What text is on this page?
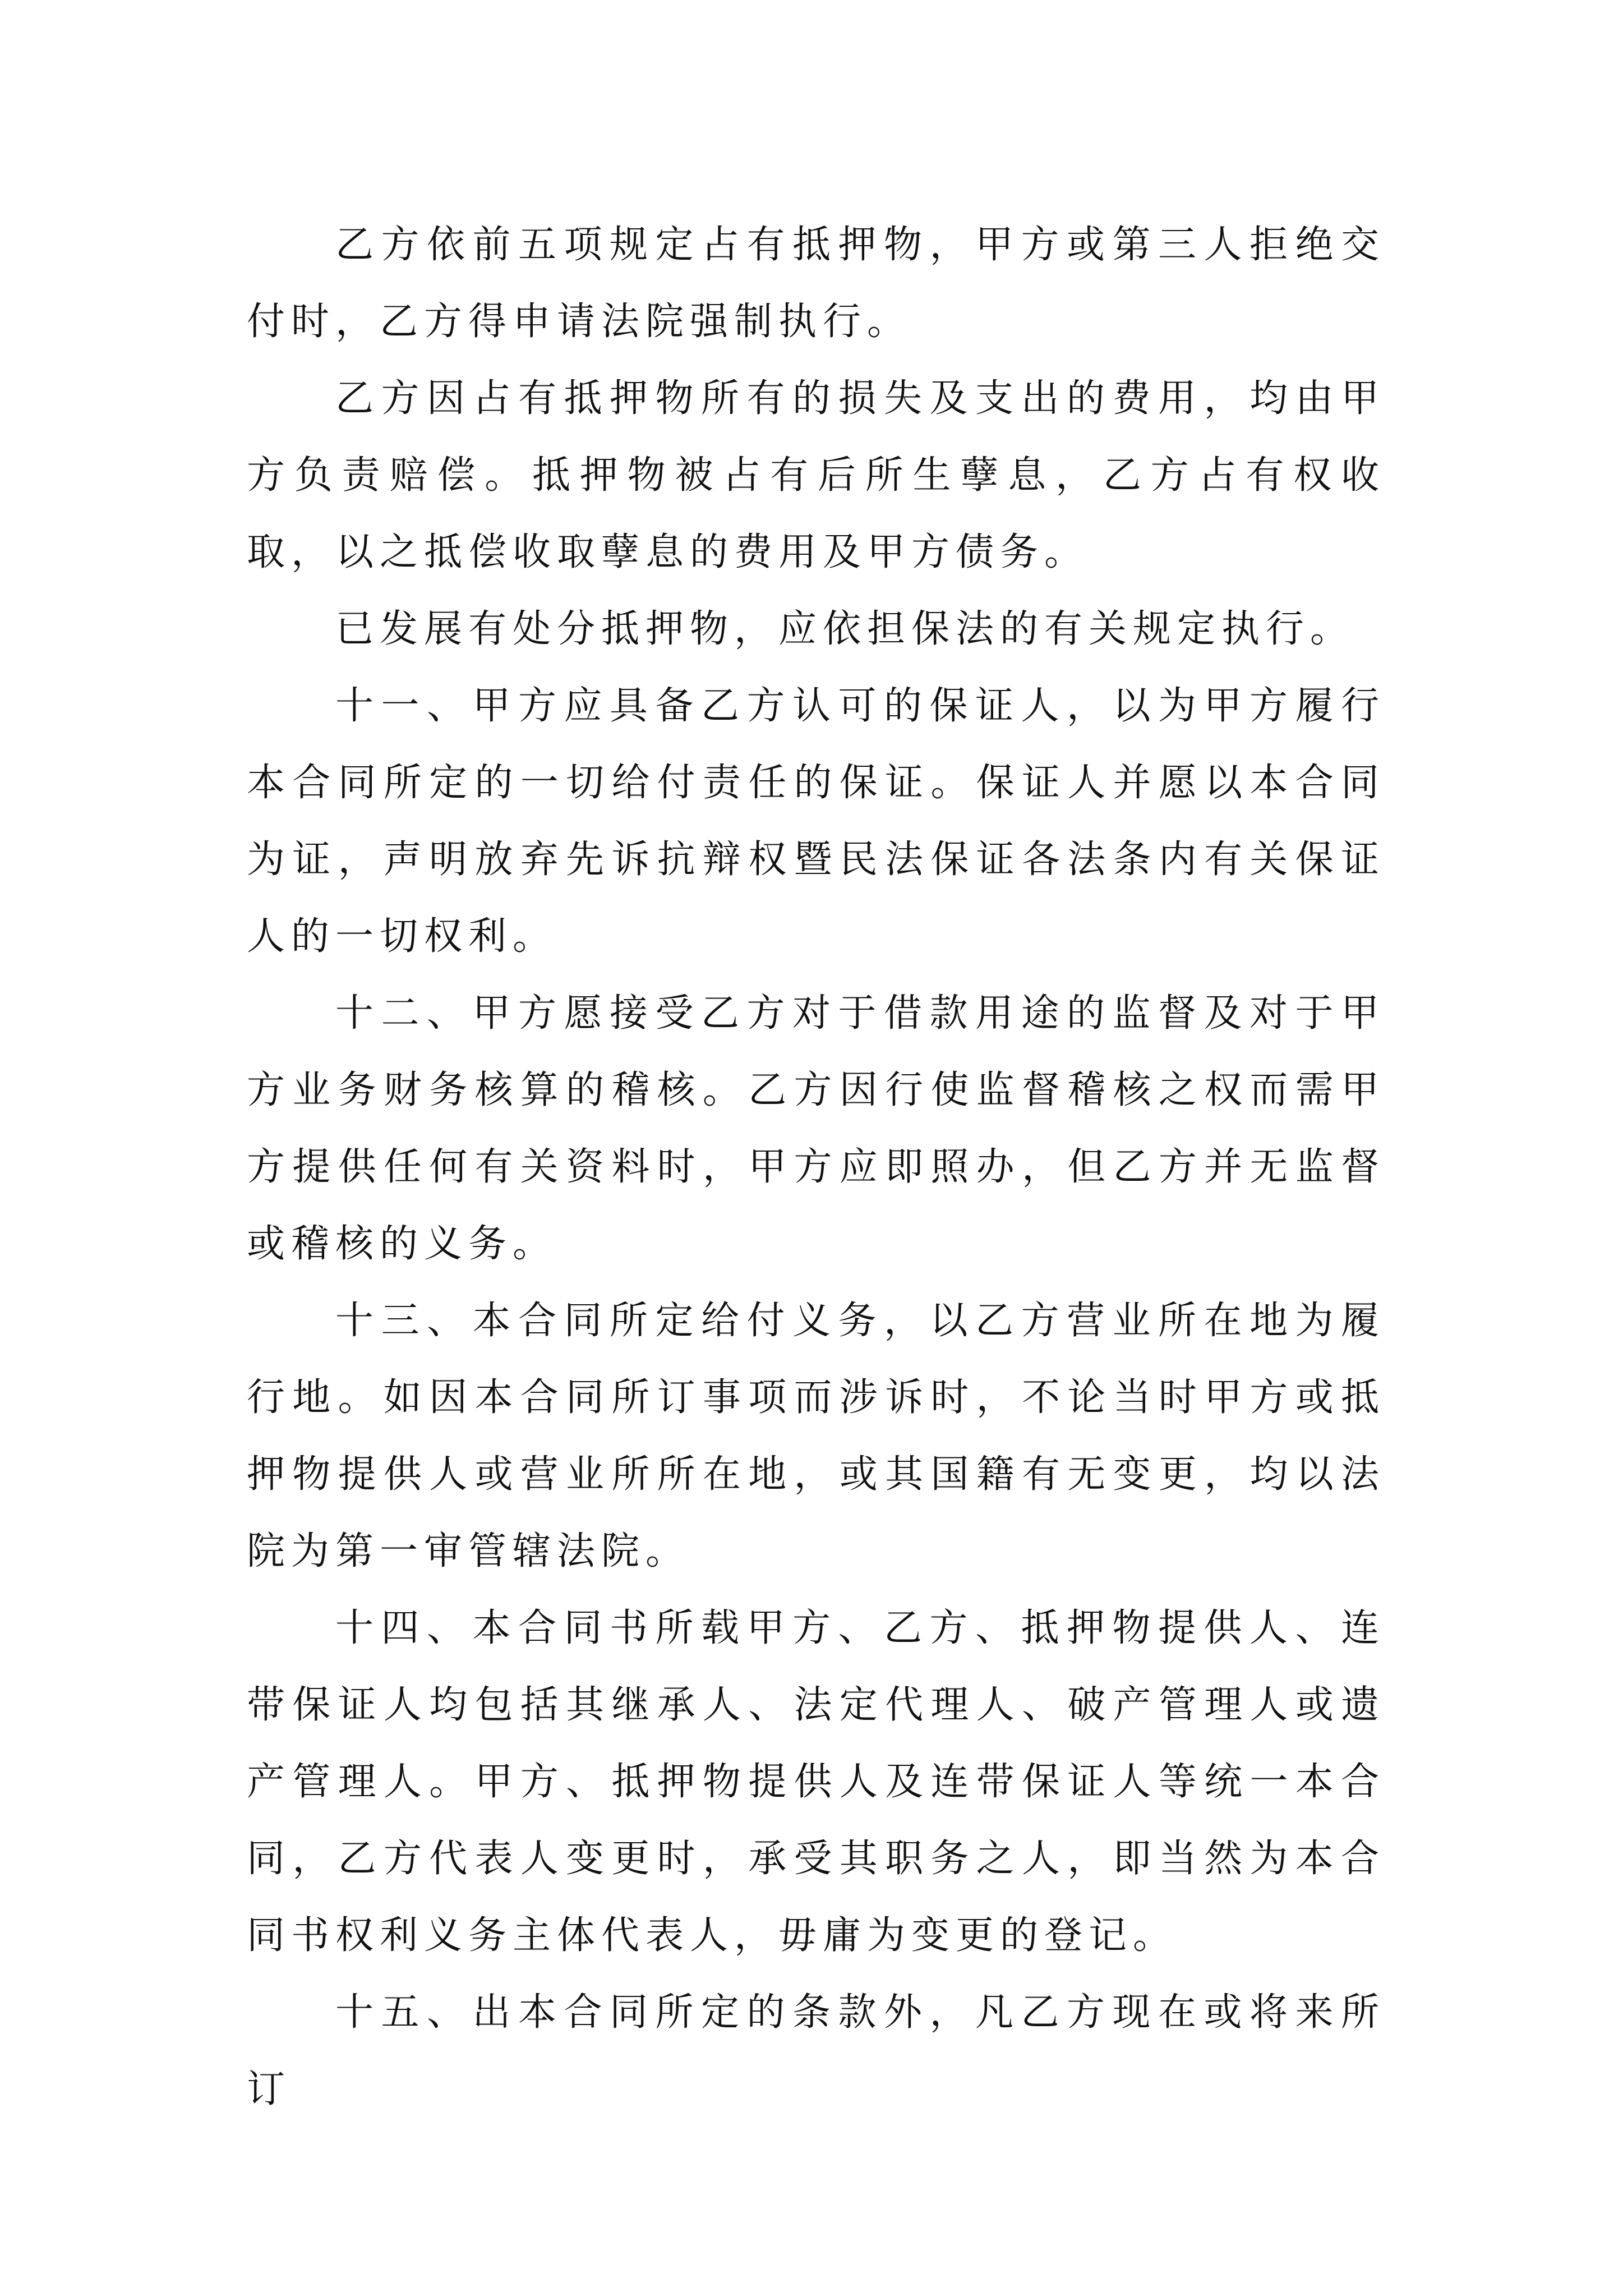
乙方依前五项规定占有抵押物，甲方或第三人拒绝交付时，乙方得申请法院强制执行。

乙方因占有抵押物所有的损失及支出的费用，均由甲方负责赔偿。抵押物被占有后所生孽息，乙方占有权收取，以之抵偿收取孽息的费用及甲方债务。

已发展有处分抵押物，应依担保法的有关规定执行。

十一、甲方应具备乙方认可的保证人，以为甲方履行本合同所定的一切给付责任的保证。保证人并愿以本合同为证，声明放弃先诉抗辩权暨民法保证各法条内有关保证人的一切权利。

十二、甲方愿接受乙方对于借款用途的监督及对于甲方业务财务核算的稽核。乙方因行使监督稽核之权而需甲方提供任何有关资料时，甲方应即照办，但乙方并无监督或稽核的义务。

十三、本合同所定给付义务，以乙方营业所在地为履行地。如因本合同所订事项而涉诉时，不论当时甲方或抵押物提供人或营业所所在地，或其国籍有无变更，均以法院为第一审管辖法院。

十四、本合同书所载甲方、乙方、抵押物提供人、连带保证人均包括其继承人、法定代理人、破产管理人或遗产管理人。甲方、抵押物提供人及连带保证人等统一本合同，乙方代表人变更时，承受其职务之人，即当然为本合同书权利义务主体代表人，毋庸为变更的登记。

十五、出本合同所定的条款外，凡乙方现在或将来所订
